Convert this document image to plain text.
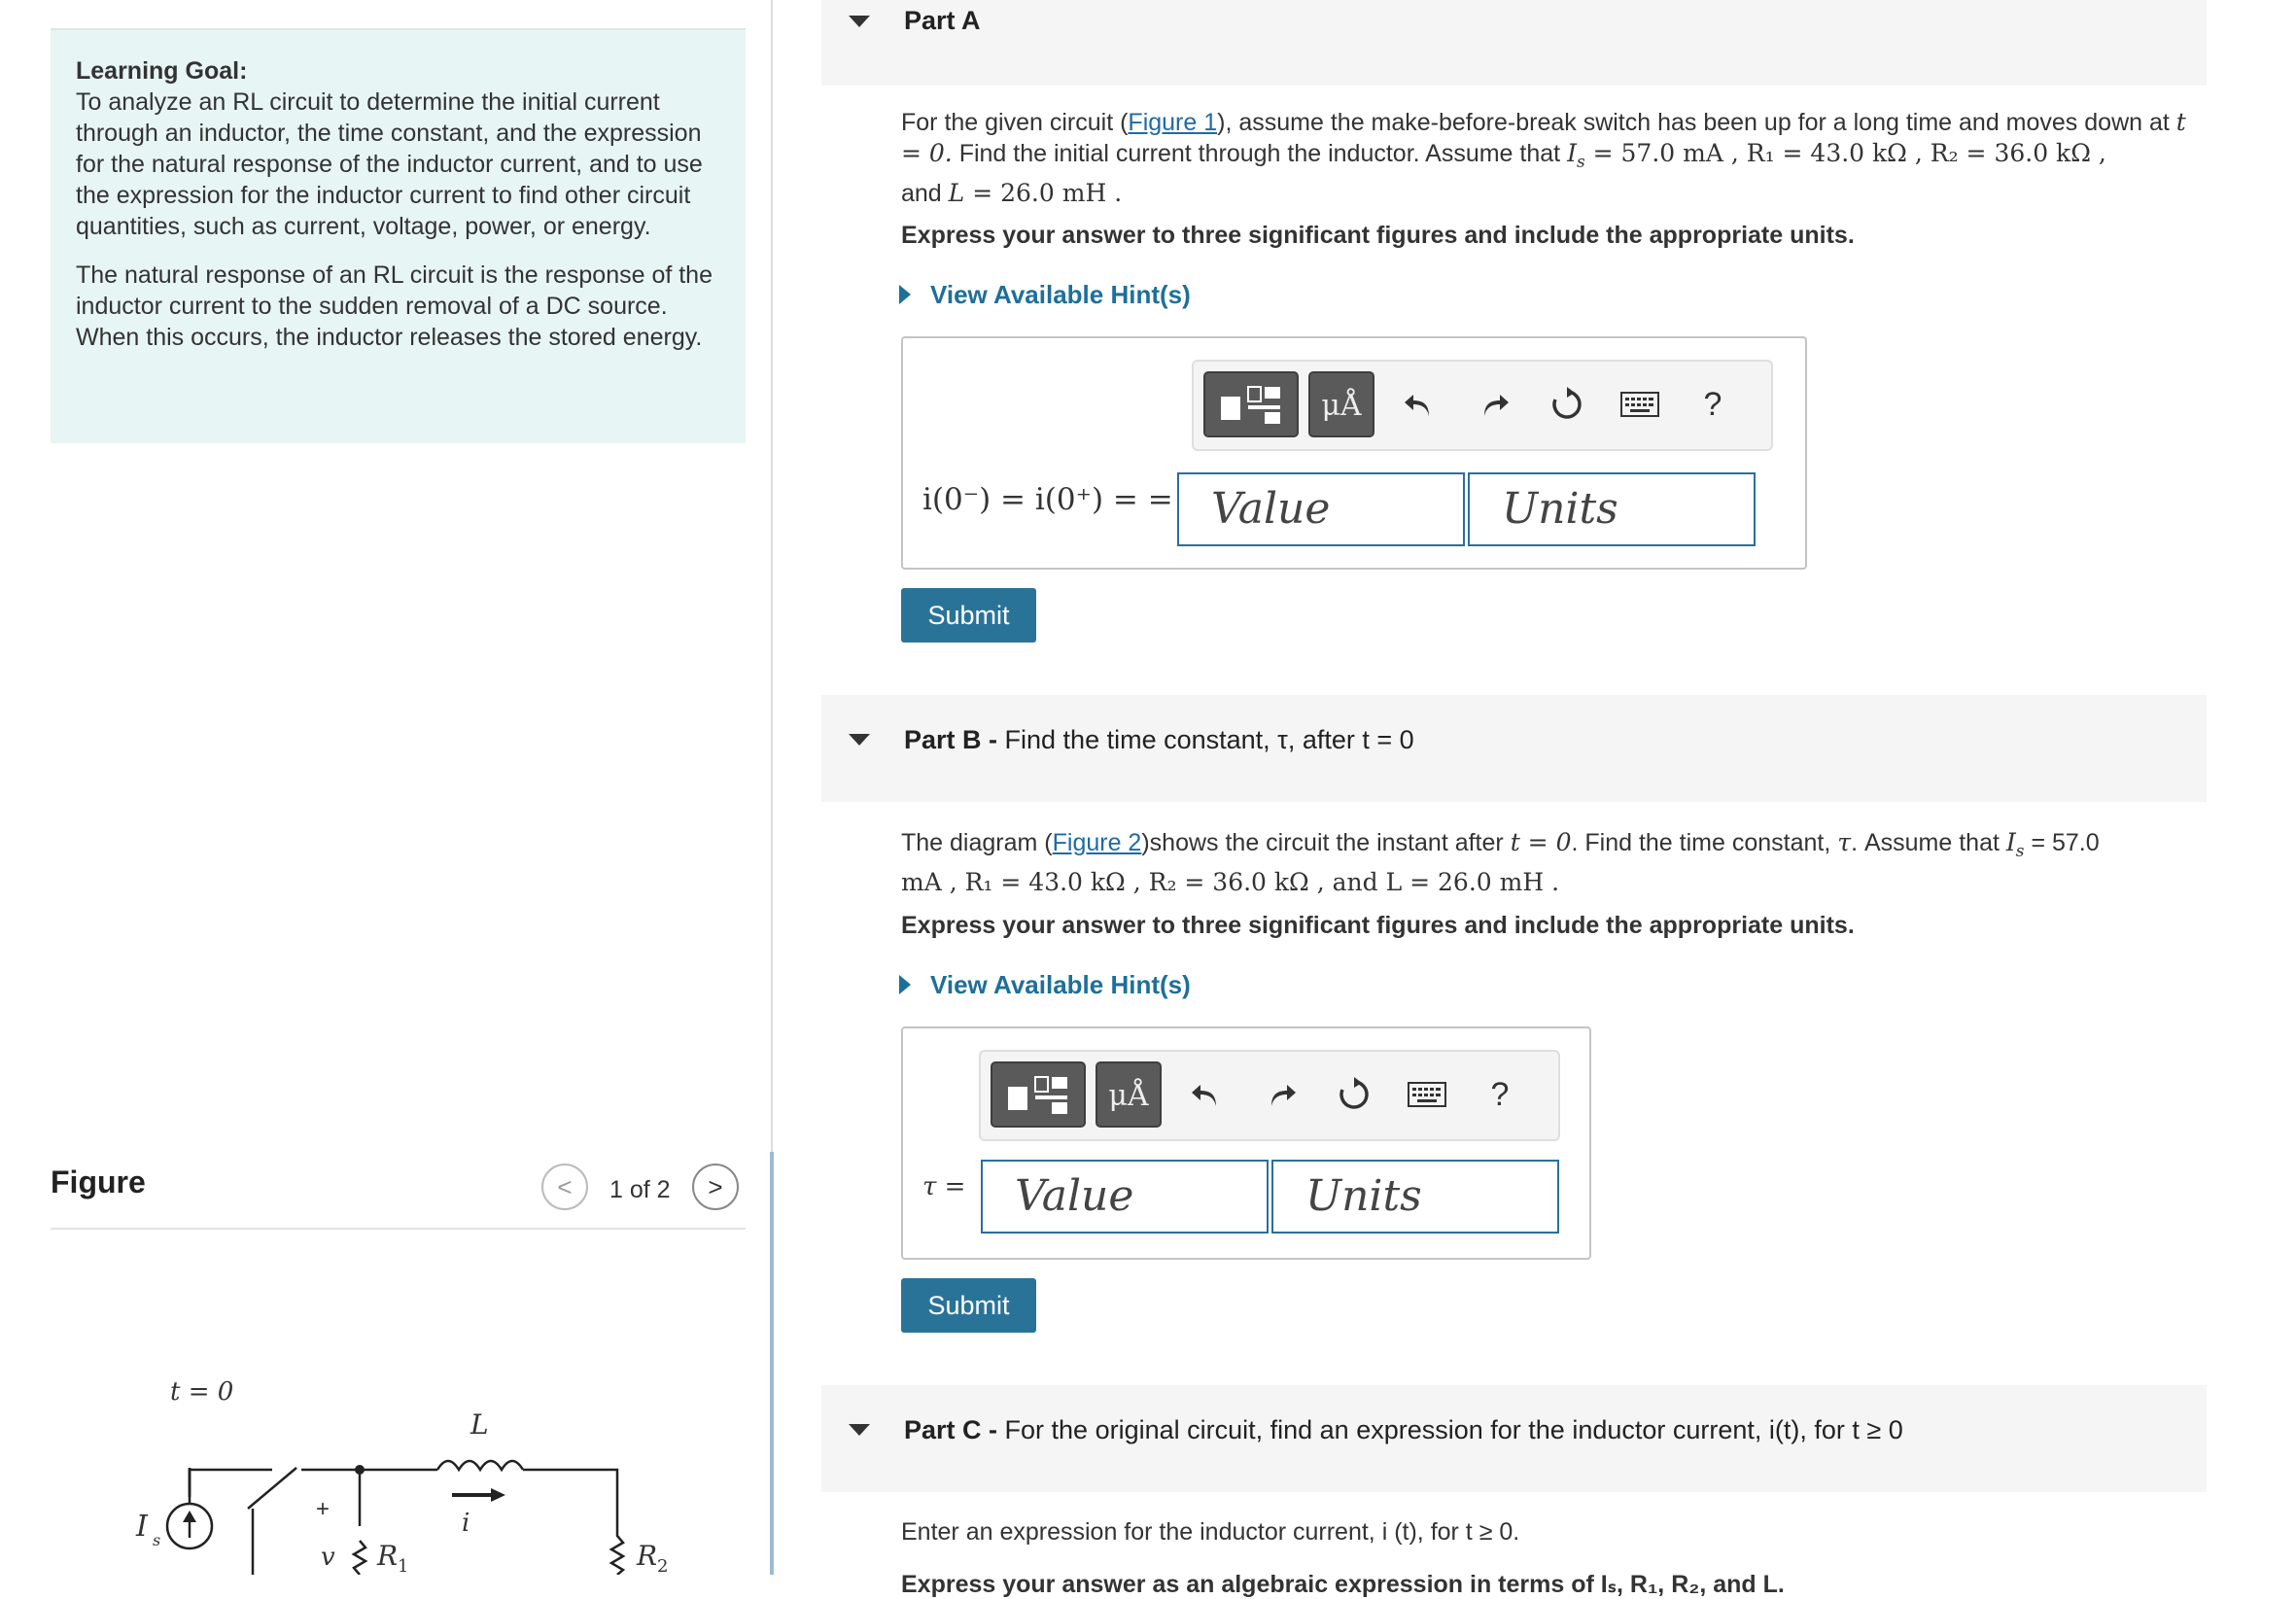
Learning Goal:
To analyze an RL circuit to determine the initial current through an inductor, the time constant, and the expression for the natural response of the inductor current, and to use the expression for the inductor current to find other circuit quantities, such as current, voltage, power, or energy.

The natural response of an RL circuit is the response of the inductor current to the sudden removal of a DC source. When this occurs, the inductor releases the stored energy.

Figure	< 1 of 2 >
t = 0
L
i
I s
+
v R 1	R 2
Part A
For the given circuit (Figure 1), assume the make-before-break switch has been up for a long time and moves down at t = 0. Find the initial current through the inductor. Assume that $I_s = 57.0$ mA , R₁ = 43.0 kΩ , R₂ = 36.0 kΩ ,
and L = 26.0 mH .
Express your answer to three significant figures and include the appropriate units.
View Available Hint(s)
μÅ	?
i(0⁻) = i(0⁺) = = Value	Units
Submit
Part B - Find the time constant, τ, after t = 0
The diagram (Figure 2)shows the circuit the instant after t = 0. Find the time constant, τ. Assume that $I_s = 57.0$
mA , R₁ = 43.0 kΩ , R₂ = 36.0 kΩ , and L = 26.0 mH .
Express your answer to three significant figures and include the appropriate units.
View Available Hint(s)
μÅ	?
τ =	Value	Units
Submit
Part C - For the original circuit, find an expression for the inductor current, i(t), for t ≥ 0
Enter an expression for the inductor current, i (t), for t ≥ 0.
Express your answer as an algebraic expression in terms of Iₛ, R₁, R₂, and L.
